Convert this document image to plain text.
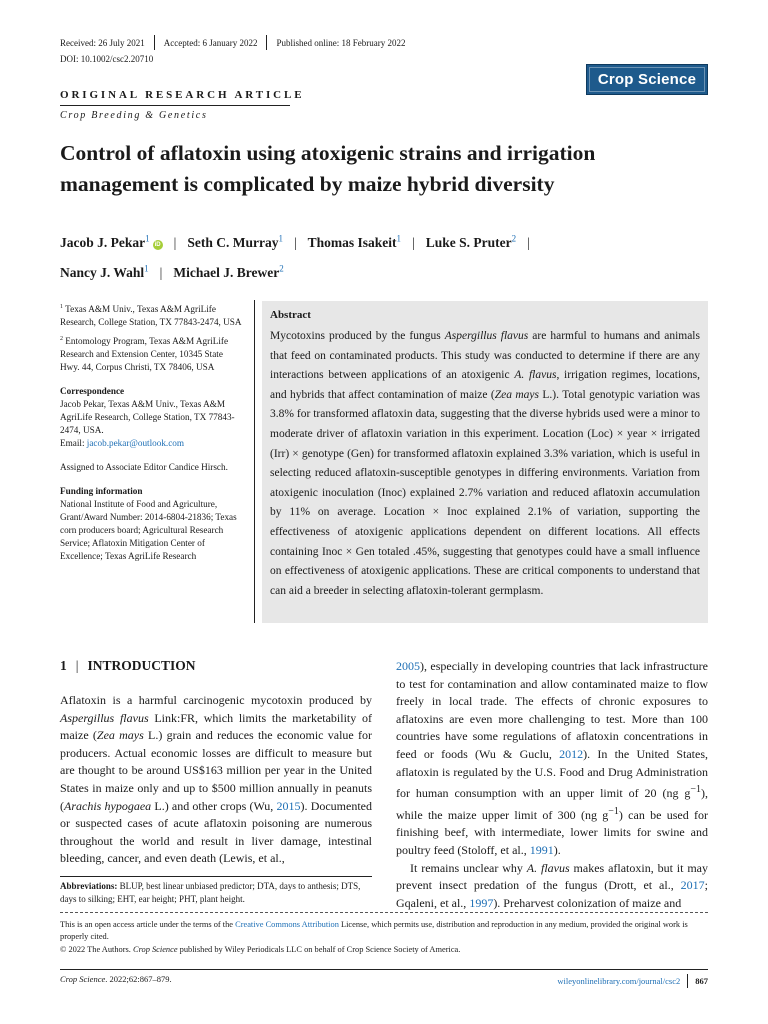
Received: 26 July 2021 Accepted: 6 January 2022 Published online: 18 February 2022
DOI: 10.1002/csc2.20710
Crop Science
ORIGINAL RESEARCH ARTICLE
Crop Breeding & Genetics
Control of aflatoxin using atoxigenic strains and irrigation management is complicated by maize hybrid diversity
Jacob J. Pekar$^1$iD | Seth C. Murray$^1$ | Thomas Isakeit$^1$ | Luke S. Pruter$^2$ |
Nancy J. Wahl$^1$ | Michael J. Brewer$^2$

$^1$ Texas A&M Univ., Texas A&M AgriLife Research, College Station, TX 77843-2474, USA

$^2$ Entomology Program, Texas A&M AgriLife Research and Extension Center, 10345 State Hwy. 44, Corpus Christi, TX 78406, USA

Correspondence

Jacob Pekar, Texas A&M Univ., Texas A&M AgriLife Research, College Station, TX 77843-2474, USA.
Email: jacob.pekar@outlook.com

Assigned to Associate Editor Candice Hirsch.

Funding information

National Institute of Food and Agriculture, Grant/Award Number: 2014-6804-21836; Texas corn producers board; Agricultural Research Service; Aflatoxin Mitigation Center of Excellence; Texas AgriLife Research

Abstract

Mycotoxins produced by the fungus Aspergillus flavus are harmful to humans and animals that feed on contaminated products. This study was conducted to determine if there are any interactions between applications of an atoxigenic A. flavus, irrigation regimes, locations, and hybrids that affect contamination of maize (Zea mays L.). Total genotypic variation was 3.8% for transformed aflatoxin data, suggesting that the diverse hybrids used were a minor to moderate driver of aflatoxin variation in this experiment. Location (Loc) × year × irrigated (Irr) × genotype (Gen) for transformed aflatoxin explained 3.3% variation, which is useful in selecting reduced aflatoxin-susceptible genotypes in differing environments. Variation from atoxigenic inoculation (Inoc) explained 2.7% variation and reduced aflatoxin accumulation by 11% on average. Location × Inoc explained 2.1% of variation, supporting the effectiveness of atoxigenic applications dependent on different locations. All effects containing Inoc × Gen totaled .45%, suggesting that genotypes could have a small influence on effectiveness of atoxigenic applications. These are critical components to understand that can aid a breeder in selecting aflatoxin-tolerant germplasm.

1 | INTRODUCTION

Aflatoxin is a harmful carcinogenic mycotoxin produced by Aspergillus flavus Link:FR, which limits the marketability of maize (Zea mays L.) grain and reduces the economic value for producers. Actual economic losses are difficult to measure but are thought to be around US$163 million per year in the United States in maize only and up to $500 million annually in peanuts (Arachis hypogaea L.) and other crops (Wu, 2015). Documented or suspected cases of acute aflatoxin poisoning are numerous throughout the world and result in liver damage, intestinal bleeding, cancer, and even death (Lewis, et al.,

2005), especially in developing countries that lack infrastructure to test for contamination and allow contaminated maize to flow freely in local trade. The effects of chronic exposures to aflatoxins are even more challenging to test. More than 100 countries have some regulations of aflatoxin concentrations in feed or foods (Wu & Guclu, 2012). In the United States, aflatoxin is regulated by the U.S. Food and Drug Administration for human consumption with an upper limit of 20 (ng $g^{-1}$), while the maize upper limit of 300 (ng $g^{-1}$) can be used for finishing beef, with intermediate, lower limits for swine and poultry feed (Stoloff, et al., 1991).

It remains unclear why A. flavus makes aflatoxin, but it may prevent insect predation of the fungus (Drott, et al., 2017; Gqaleni, et al., 1997). Preharvest colonization of maize and

Abbreviations: BLUP, best linear unbiased predictor; DTA, days to anthesis; DTS, days to silking; EHT, ear height; PHT, plant height.
This is an open access article under the terms of the Creative Commons Attribution License, which permits use, distribution and reproduction in any medium, provided the original work is properly cited.
© 2022 The Authors. Crop Science published by Wiley Periodicals LLC on behalf of Crop Science Society of America.
Crop Science. 2022;62:867–879.	wileyonlinelibrary.com/journal/csc2 867
